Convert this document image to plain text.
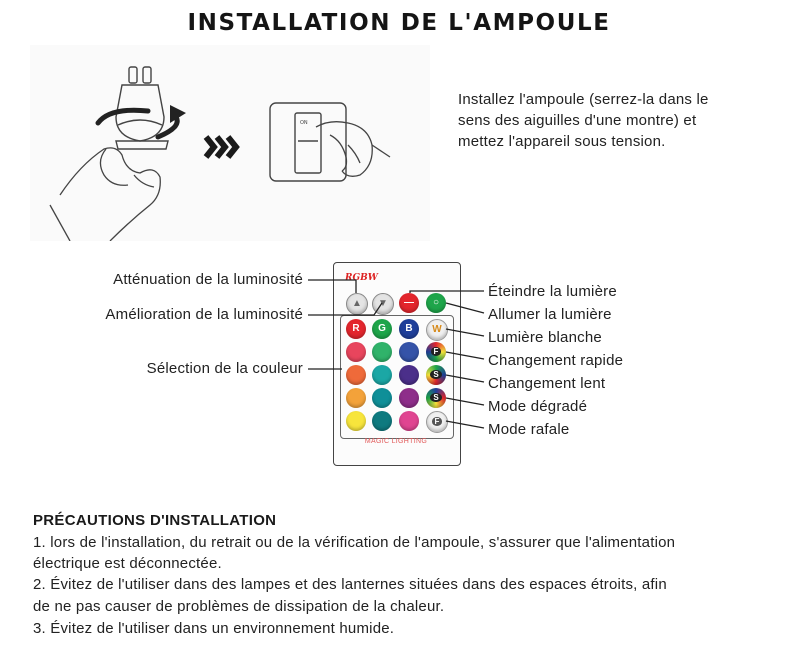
INSTALLATION DE L'AMPOULE
ON
Installez l'ampoule (serrez-la dans le
sens des aiguilles d'une montre) et
mettez l'appareil sous tension.
Atténuation de la luminosité
Amélioration de la luminosité
Sélection de la couleur
Éteindre la lumière
Allumer la lumière
Lumière blanche
Changement rapide
Changement lent
Mode dégradé
Mode rafale
RGBW
▲	▼	—	○
R	G	B	W
F
S
S
F
MAGIC LIGHTING
PRÉCAUTIONS D'INSTALLATION
1. lors de l'installation, du retrait ou de la vérification de l'ampoule, s'assurer que l'alimentation
électrique est déconnectée.
2. Évitez de l'utiliser dans des lampes et des lanternes situées dans des espaces étroits, afin
de ne pas causer de problèmes de dissipation de la chaleur.
3. Évitez de l'utiliser dans un environnement humide.
